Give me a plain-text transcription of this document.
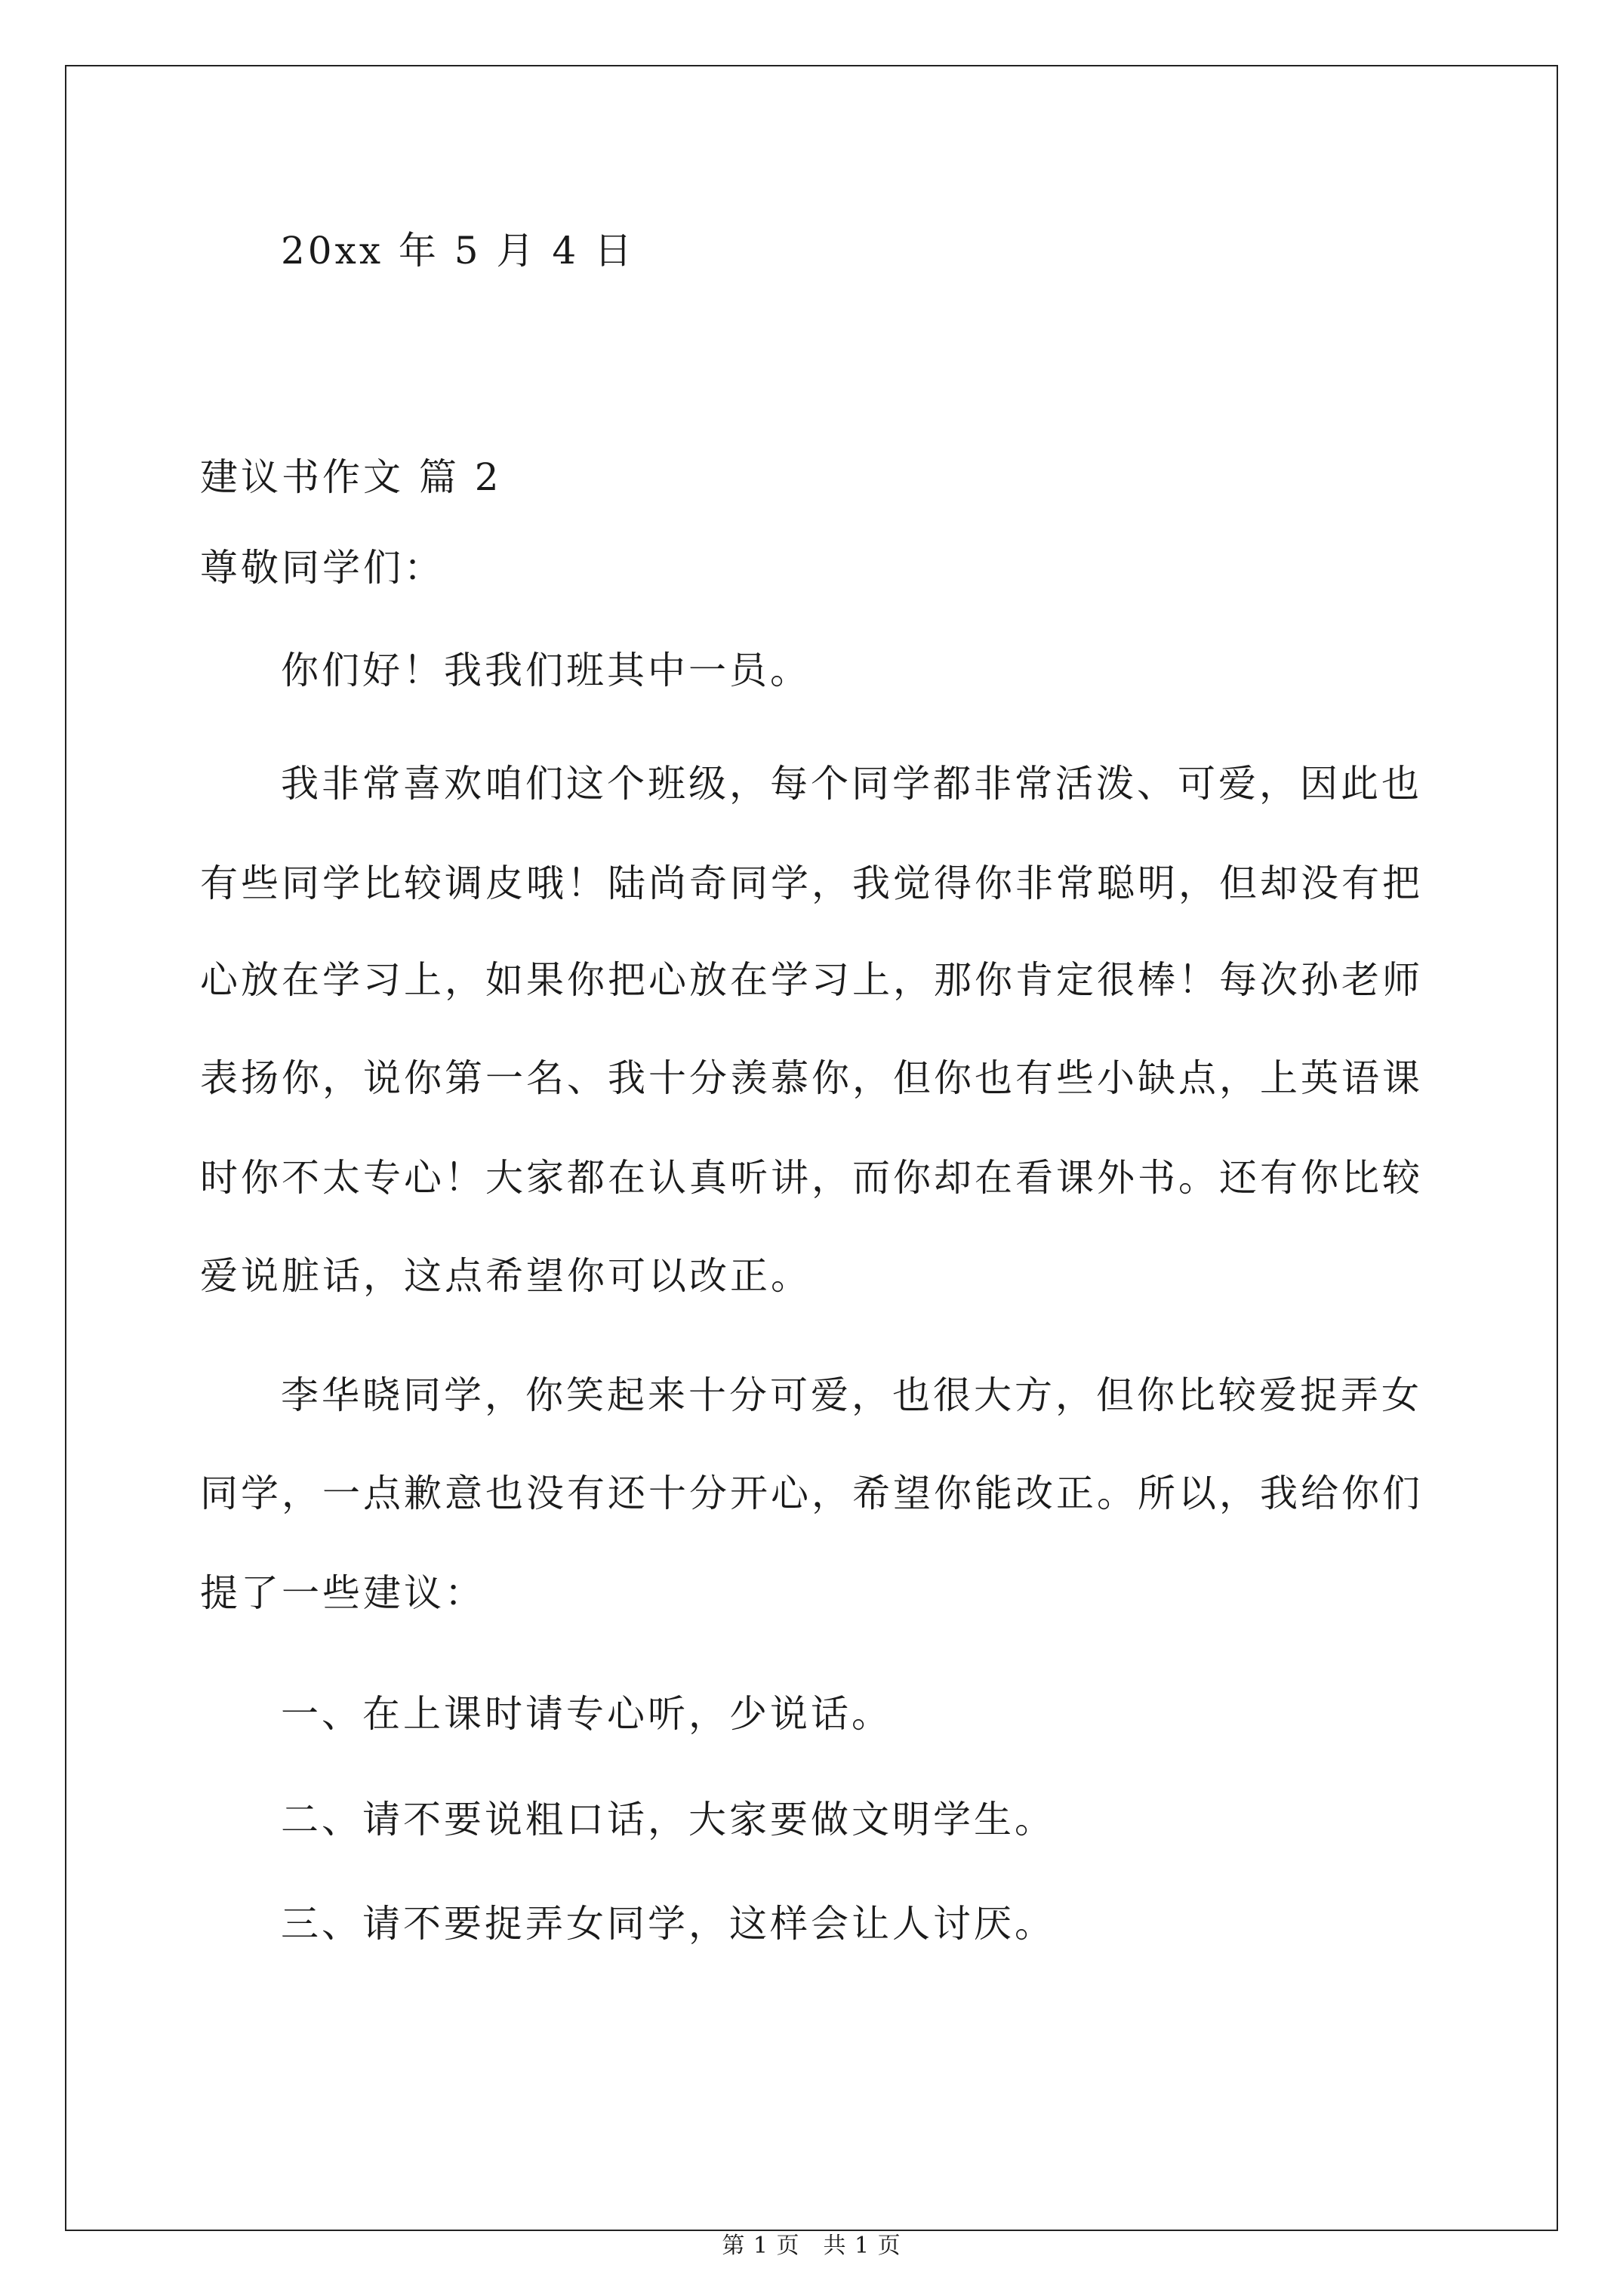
20xx 年 5 月 4 日
建议书作文 篇 2
尊敬同学们：
你们好！我我们班其中一员。
我非常喜欢咱们这个班级，每个同学都非常活泼、可爱，因此也
有些同学比较调皮哦！陆尚奇同学，我觉得你非常聪明，但却没有把
心放在学习上，如果你把心放在学习上，那你肯定很棒！每次孙老师
表扬你，说你第一名、我十分羡慕你，但你也有些小缺点，上英语课
时你不太专心！大家都在认真听讲，而你却在看课外书。还有你比较
爱说脏话，这点希望你可以改正。
李华晓同学，你笑起来十分可爱，也很大方，但你比较爱捉弄女
同学，一点歉意也没有还十分开心，希望你能改正。所以，我给你们
提了一些建议：
一、在上课时请专心听，少说话。
二、请不要说粗口话，大家要做文明学生。
三、请不要捉弄女同学，这样会让人讨厌。
第 1 页　共 1 页
